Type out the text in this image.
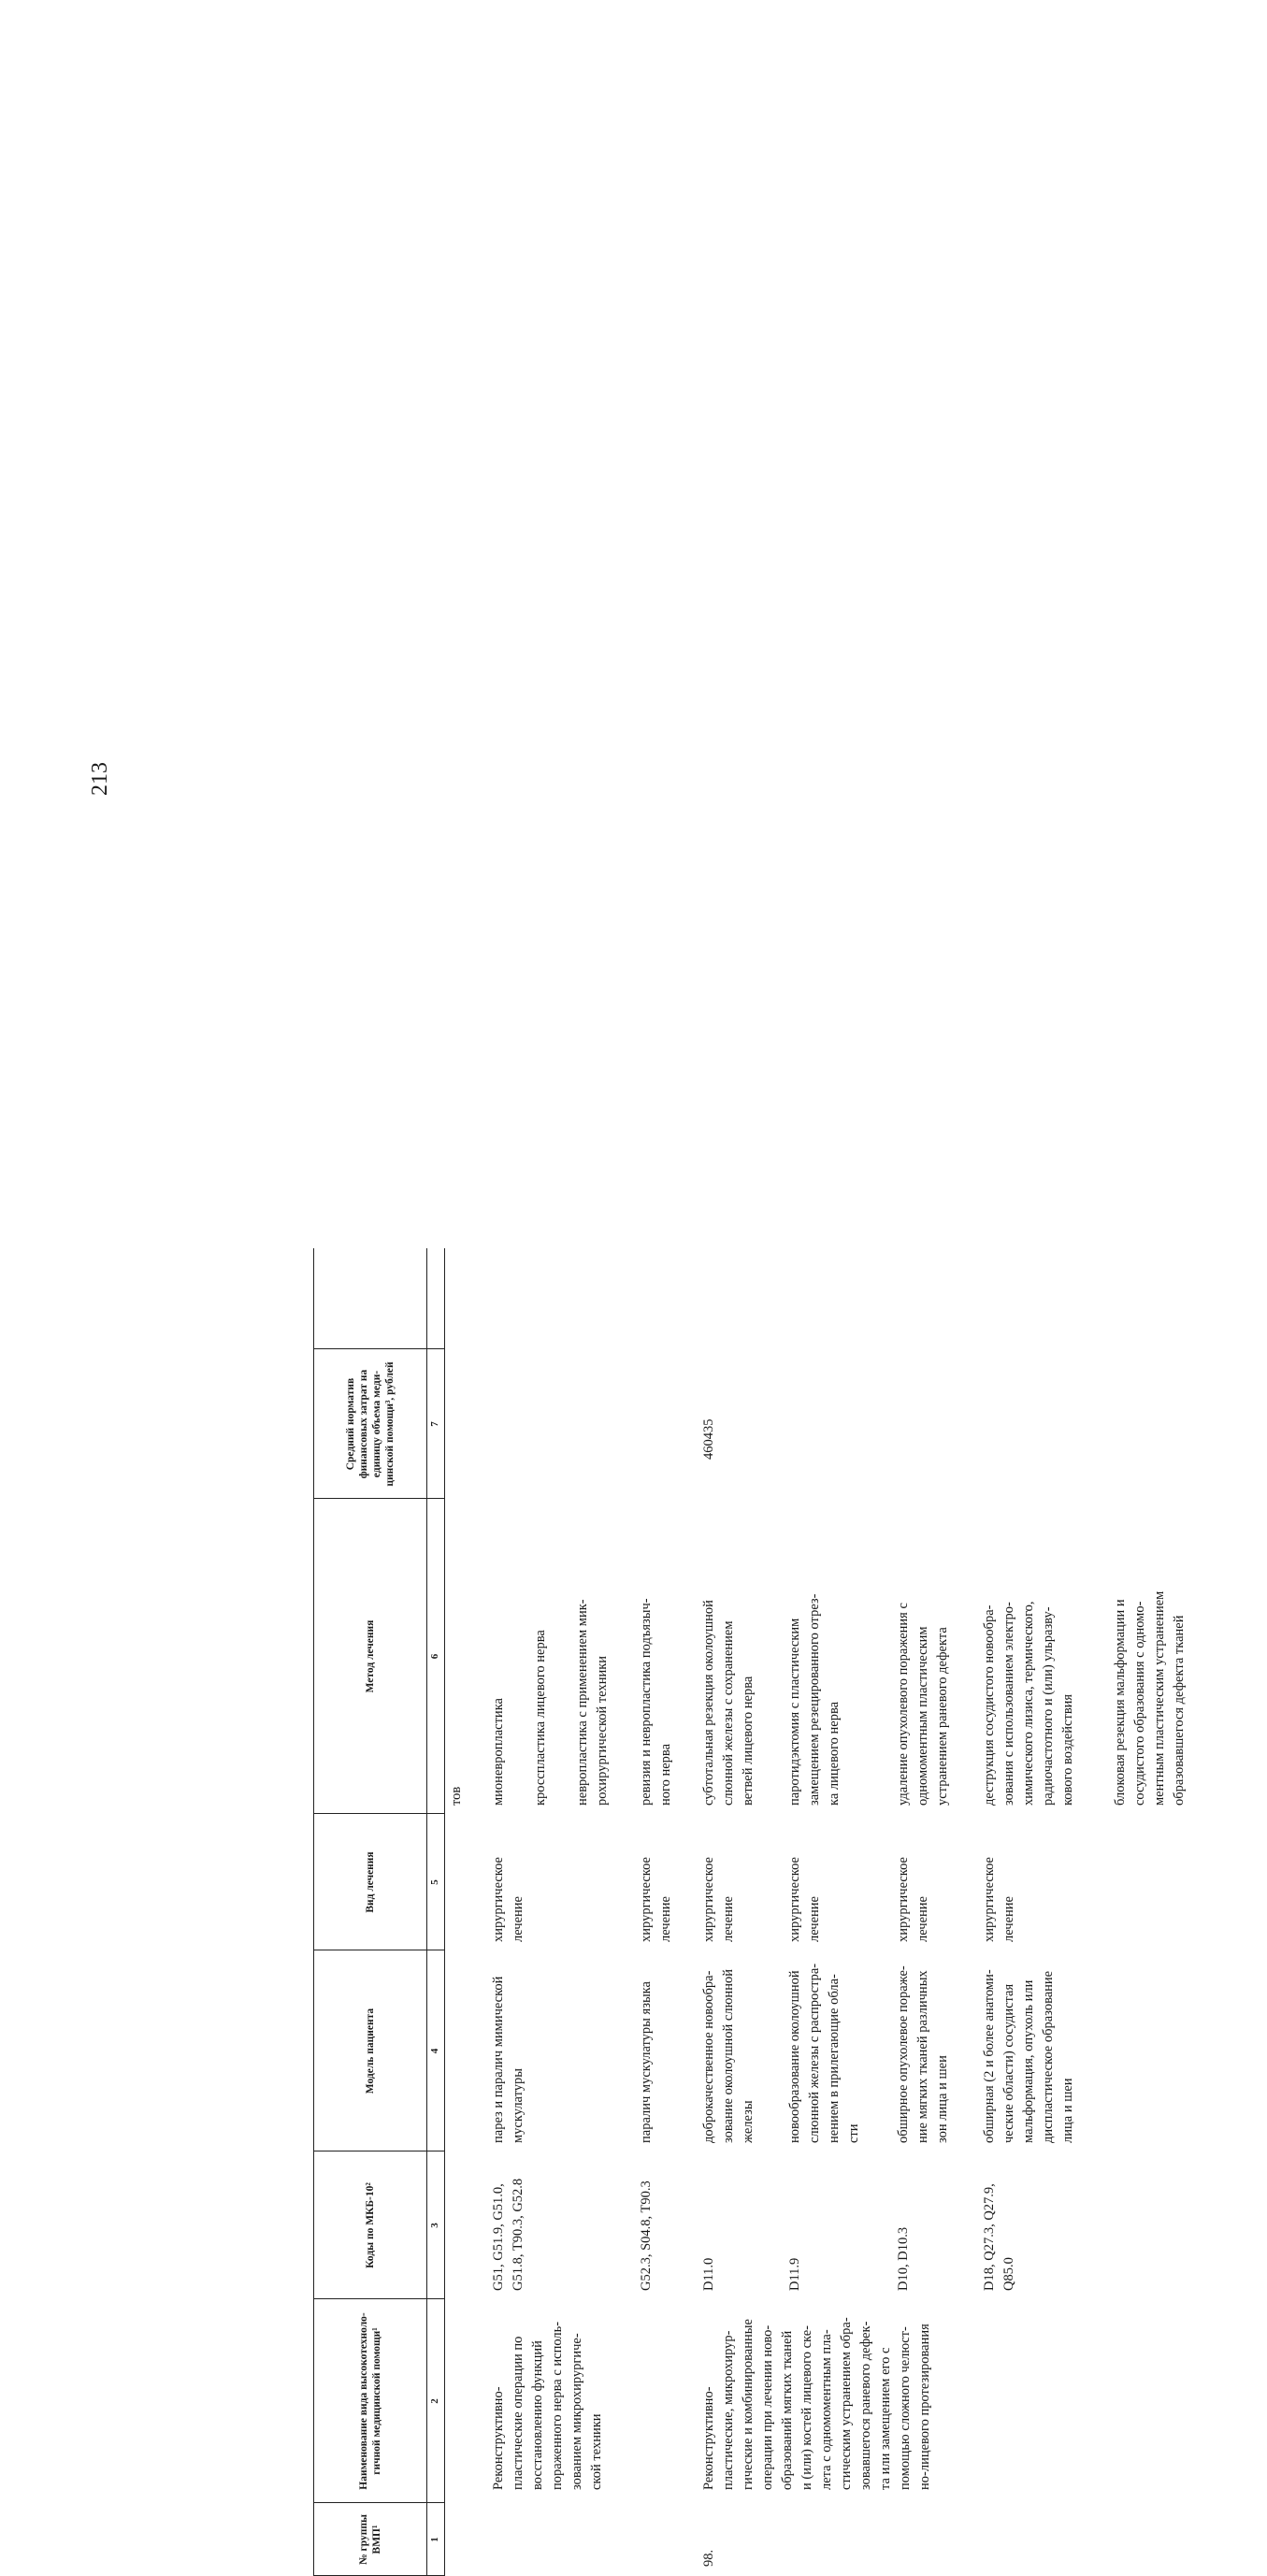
213
№ группы ВМП¹
Наименование вида высокотехноло-гичной медицинской помощи¹
Коды по МКБ-10²
Модель пациента
Вид лечения
Метод лечения
Средний норматив финансовых затрат на единицу объема меди-цинской помощи³, рублей
1
2
3
4
5
6
7
тов
Реконструктивно-
пластические операции по
восстановлению функций
пораженного нерва с исполь-
зованием микрохирургиче-
ской техники
G51, G51.9, G51.0,
G51.8, T90.3, G52.8
парез и паралич мимической
мускулатуры
хирургическое
лечение
мионевропластика кросспластика лицевого нерва невропластика с применением мик-
рохирургической техники
G52.3, S04.8, T90.3
паралич мускулатуры языка
хирургическое
лечение
ревизия и невропластика подъязыч-
ного нерва
98.
Реконструктивно-
пластические, микрохирур-
гические и комбинированные
операции при лечении ново-
образований мягких тканей
и (или) костей лицевого ске-
лета с одномоментным пла-
стическим устранением обра-
зовавшегося раневого дефек-
та или замещением его с
помощью сложного челюст-
но-лицевого протезирования
D11.0
доброкачественное новообра-
зование околоушной слюнной
железы
хирургическое
лечение
субтотальная резекция околоушной
слюнной железы с сохранением
ветвей лицевого нерва
460435
D11.9
новообразование околоушной
слюнной железы с распростра-
нением в прилегающие обла-
сти
хирургическое
лечение
паротидэктомия с пластическим
замещением резецированного отрез-
ка лицевого нерва
D10, D10.3
обширное опухолевое пораже-
ние мягких тканей различных
зон лица и шеи
хирургическое
лечение
удаление опухолевого поражения с
одномоментным пластическим
устранением раневого дефекта
D18, Q27.3, Q27.9,
Q85.0
обширная (2 и более анатоми-
ческие области) сосудистая
мальформация, опухоль или
диспластическое образование
лица и шеи
хирургическое
лечение
деструкция сосудистого новообра-
зования с использованием электро-
химического лизиса, термического,
радиочастотного и (или) ульразву-
кового воздействия
блоковая резекция мальформации и
сосудистого образования с одномо-
ментным пластическим устранением
образовавшегося дефекта тканей
